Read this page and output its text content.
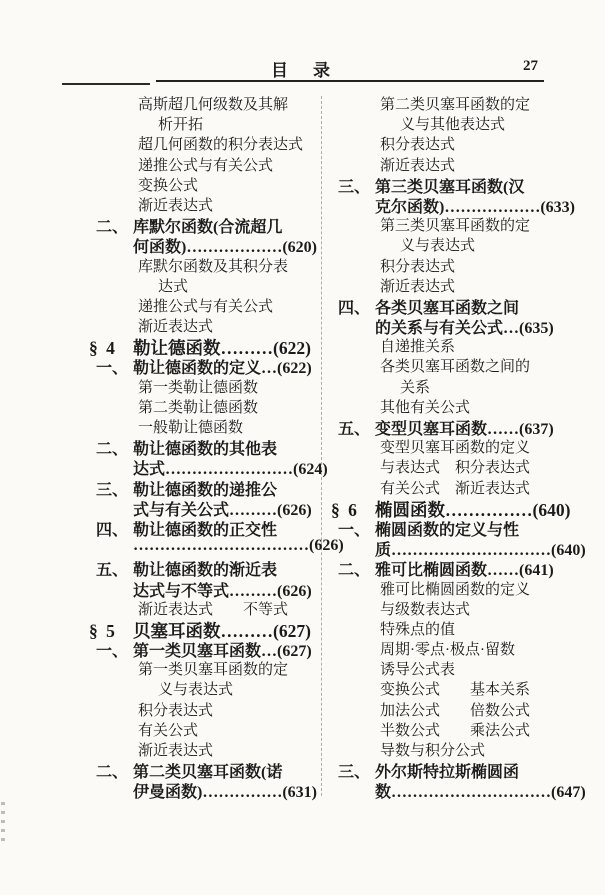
目　录	27
高斯超几何级数及其解
析开拓
超几何函数的积分表达式
递推公式与有关公式
变换公式
渐近表达式
二、 库默尔函数(合流超几
何函数)………………(620)
库默尔函数及其积分表
达式
递推公式与有关公式
渐近表达式
§ 4 勒让德函数………(622)
一、 勒让德函数的定义…(622)
第一类勒让德函数
第二类勒让德函数
一般勒让德函数
二、 勒让德函数的其他表
达式……………………(624)
三、 勒让德函数的递推公
式与有关公式………(626)
四、 勒让德函数的正交性
……………………………(626)
五、 勒让德函数的渐近表
达式与不等式………(626)
渐近表达式　　不等式
§ 5 贝塞耳函数………(627)
一、 第一类贝塞耳函数…(627)
第一类贝塞耳函数的定
义与表达式
积分表达式
有关公式
渐近表达式
二、 第二类贝塞耳函数(诺
伊曼函数)……………(631)
第二类贝塞耳函数的定
义与其他表达式
积分表达式
渐近表达式
三、 第三类贝塞耳函数(汉
克尔函数)………………(633)
第三类贝塞耳函数的定
义与表达式
积分表达式
渐近表达式
四、 各类贝塞耳函数之间
的关系与有关公式…(635)
自递推关系
各类贝塞耳函数之间的
关系
其他有关公式
五、 变型贝塞耳函数……(637)
变型贝塞耳函数的定义
与表达式　积分表达式
有关公式　渐近表达式
§ 6 椭圆函数……………(640)
一、 椭圆函数的定义与性
质…………………………(640)
二、 雅可比椭圆函数……(641)
雅可比椭圆函数的定义
与级数表达式
特殊点的值
周期·零点·极点·留数
诱导公式表
变换公式　　基本关系
加法公式　　倍数公式
半数公式　　乘法公式
导数与积分公式
三、 外尔斯特拉斯椭圆函
数…………………………(647)
